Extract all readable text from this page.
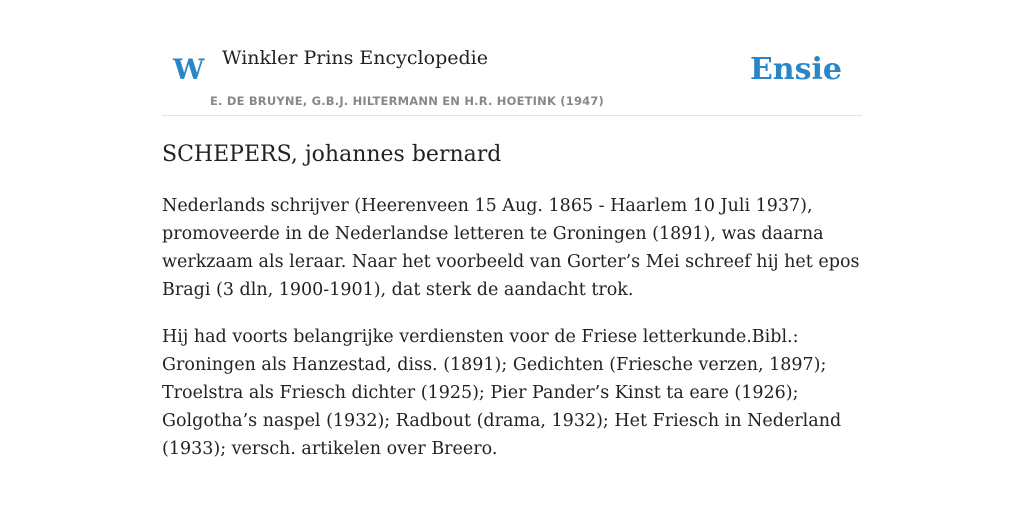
W Winkler Prins Encyclopedie
E. DE BRUYNE, G.B.J. HILTERMANN EN H.R. HOETINK (1947)
Ensie
SCHEPERS, johannes bernard

Nederlands schrijver (Heerenveen 15 Aug. 1865 - Haarlem 10 Juli 1937), promoveerde in de Nederlandse letteren te Groningen (1891), was daarna werkzaam als leraar. Naar het voorbeeld van Gorter’s Mei schreef hij het epos Bragi (3 dln, 1900-1901), dat sterk de aandacht trok.

Hij had voorts belangrijke verdiensten voor de Friese letterkunde.Bibl.: Groningen als Hanzestad, diss. (1891); Gedichten (Friesche verzen, 1897); Troelstra als Friesch dichter (1925); Pier Pander’s Kinst ta eare (1926); Golgotha’s naspel (1932); Radbout (drama, 1932); Het Friesch in Nederland (1933); versch. artikelen over Breero.
